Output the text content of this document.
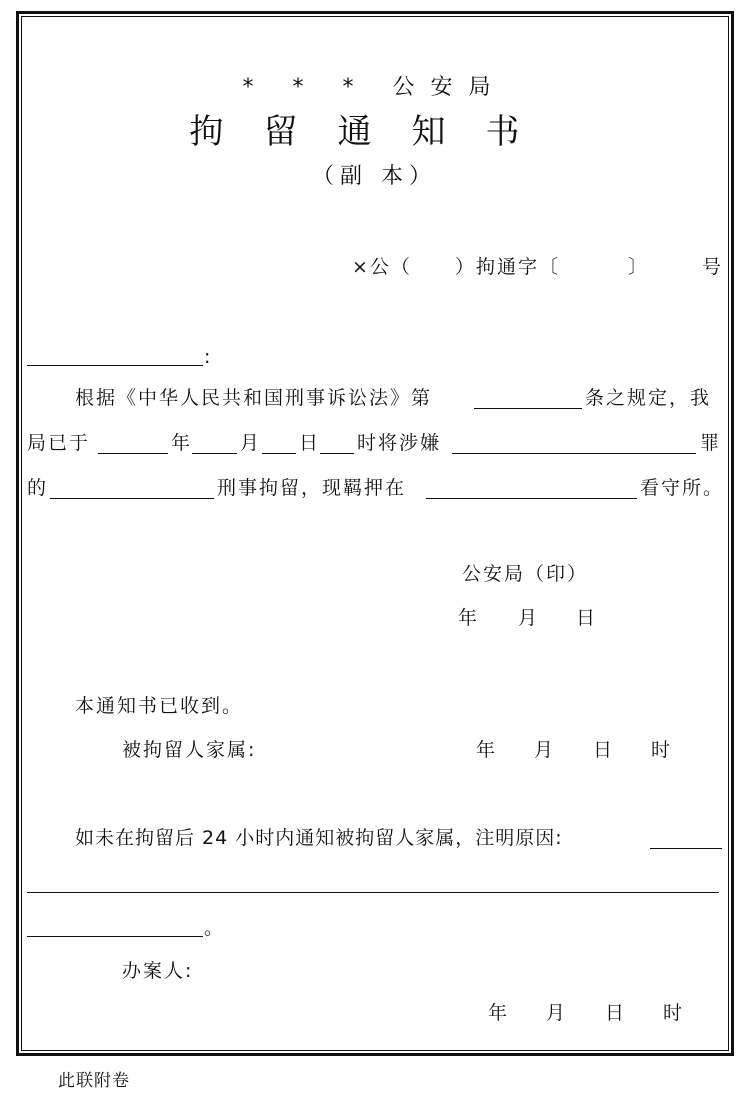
* * * 公安局
拘留通知书
（副 本）
×公（ ）拘通字〔	〕	号
:
根据《中华人民共和国刑事诉讼法》第	条之规定，我
局已于	年	月 日 时将涉嫌	罪
的	刑事拘留，现羁押在	看守所。
公安局（印）
年 月 日
本通知书已收到。
被拘留人家属:	年 月 日 时
如未在拘留后 24 小时内通知被拘留人家属，注明原因:
。
办案人:
年 月 日 时
此联附卷
